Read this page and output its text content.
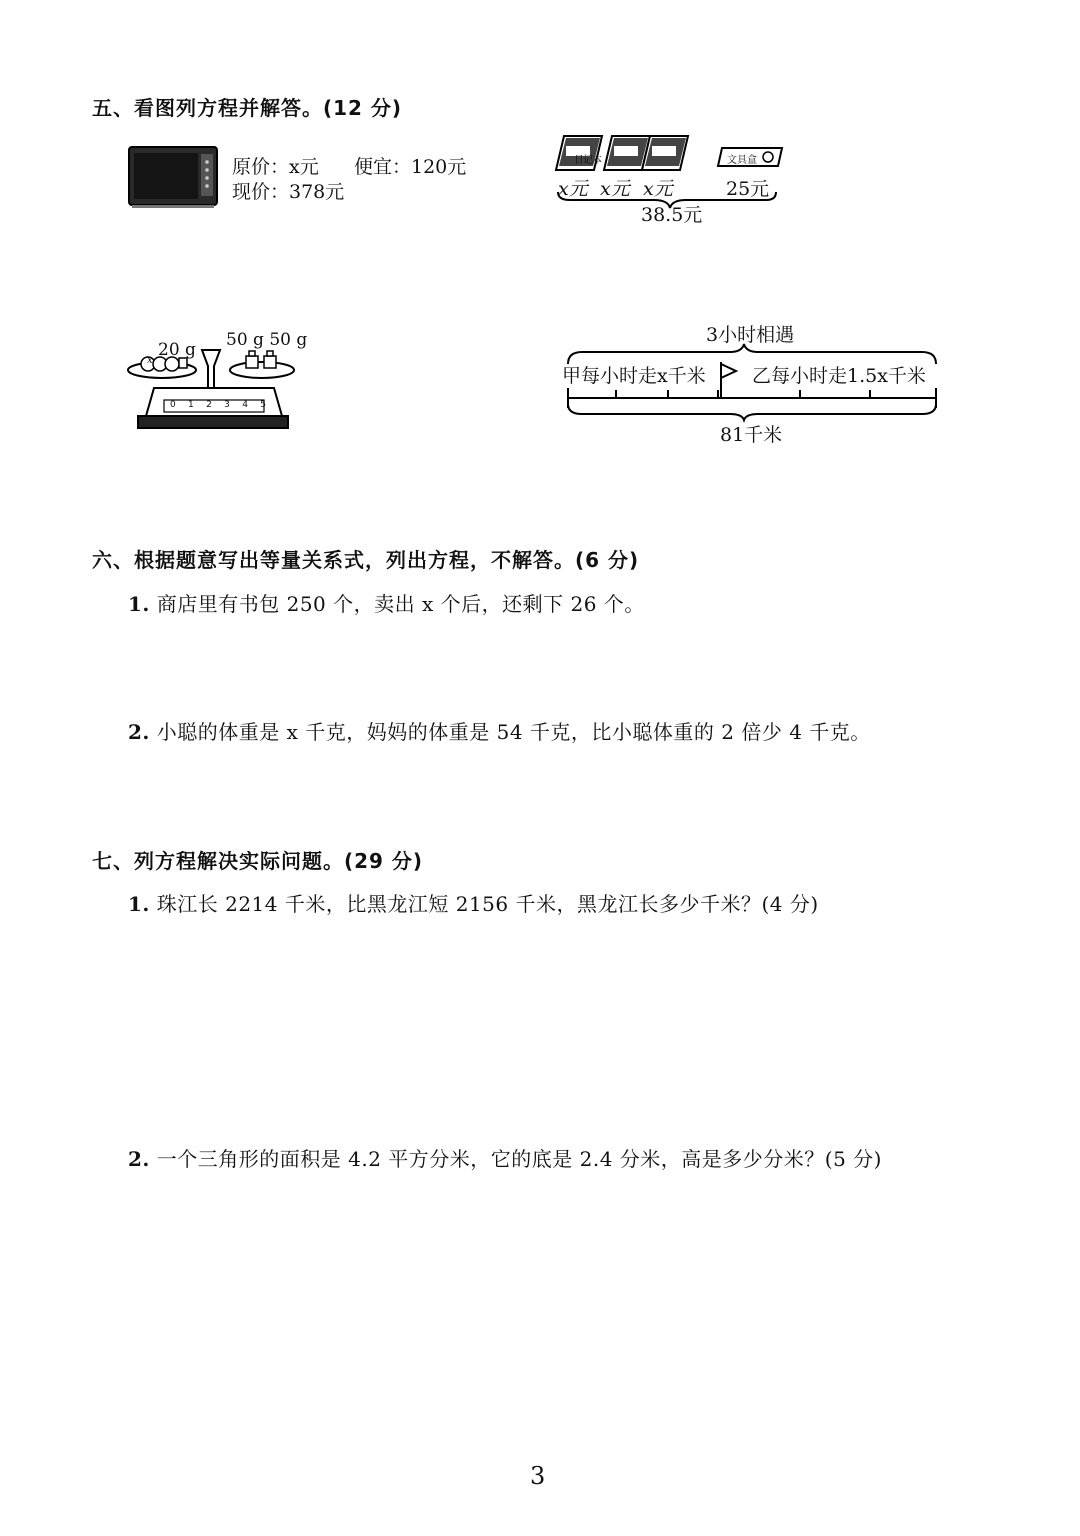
五、看图列方程并解答。(12 分)
原价：x元 便宜：120元
现价：378元
日记本	文具盒
x元 x元 x元	25元
38.5元
20 g 50 g 50 g
x
0 1 2 3 4 5
3小时相遇
甲每小时走x千米 乙每小时走1.5x千米
81千米
六、根据题意写出等量关系式，列出方程，不解答。(6 分)
1. 商店里有书包 250 个，卖出 x 个后，还剩下 26 个。
2. 小聪的体重是 x 千克，妈妈的体重是 54 千克，比小聪体重的 2 倍少 4 千克。
七、列方程解决实际问题。(29 分)
1. 珠江长 2214 千米，比黑龙江短 2156 千米，黑龙江长多少千米？(4 分)
2. 一个三角形的面积是 4.2 平方分米，它的底是 2.4 分米，高是多少分米？(5 分)
3
